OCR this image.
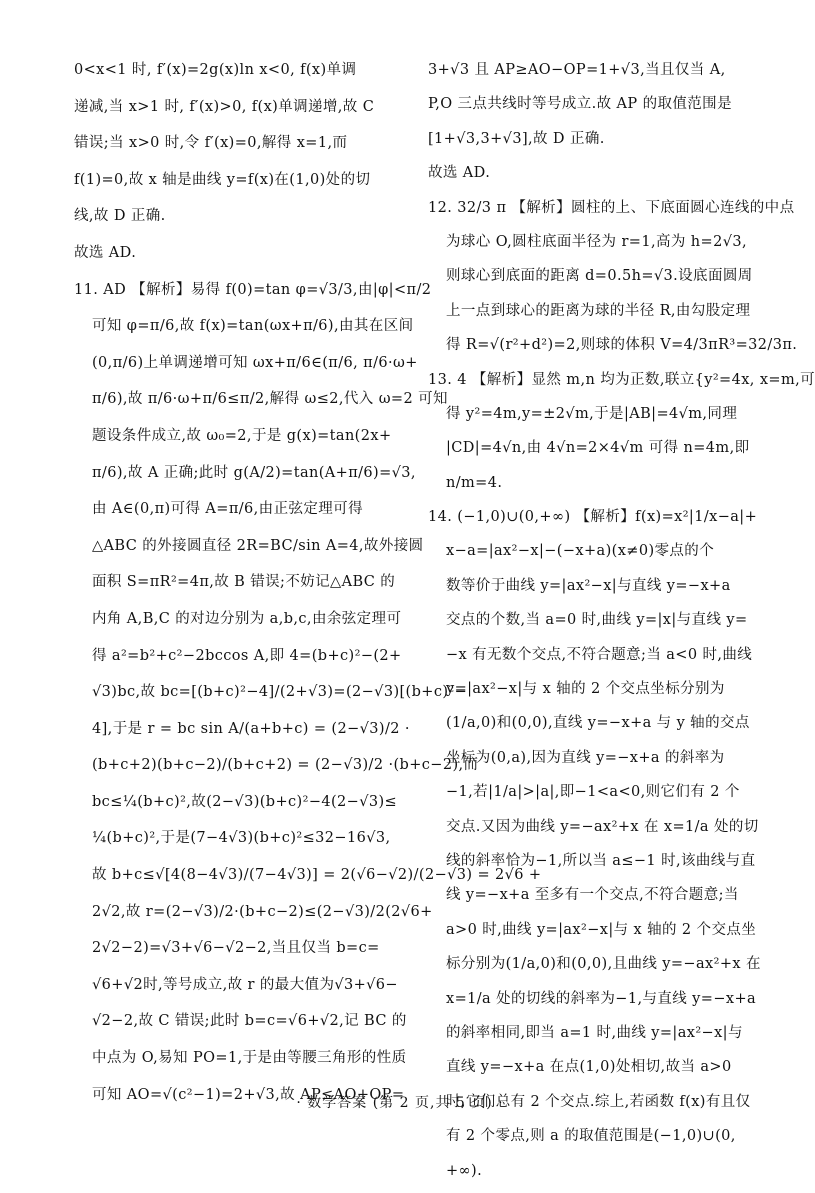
0<x<1 时, f′(x)=2g(x)ln x<0, f(x)单调
递减,当 x>1 时, f′(x)>0, f(x)单调递增,故 C
错误;当 x>0 时,令 f′(x)=0,解得 x=1,而
f(1)=0,故 x 轴是曲线 y=f(x)在(1,0)处的切
线,故 D 正确.
故选 AD.
11. AD 【解析】易得 f(0)=tan φ=√3/3,由|φ|<π/2
可知 φ=π/6,故 f(x)=tan(ωx+π/6),由其在区间
(0,π/6)上单调递增可知 ωx+π/6∈(π/6, π/6·ω+
π/6),故 π/6·ω+π/6≤π/2,解得 ω≤2,代入 ω=2 可知
题设条件成立,故 ω₀=2,于是 g(x)=tan(2x+
π/6),故 A 正确;此时 g(A/2)=tan(A+π/6)=√3,
由 A∈(0,π)可得 A=π/6,由正弦定理可得
△ABC 的外接圆直径 2R=BC/sin A=4,故外接圆
面积 S=πR²=4π,故 B 错误;不妨记△ABC 的
内角 A,B,C 的对边分别为 a,b,c,由余弦定理可
得 a²=b²+c²−2bccos A,即 4=(b+c)²−(2+
√3)bc,故 bc=[(b+c)²−4]/(2+√3)=(2−√3)[(b+c)²−
4],于是 r = bc sin A/(a+b+c) = (2−√3)/2 ·
(b+c+2)(b+c−2)/(b+c+2) = (2−√3)/2 ·(b+c−2),而
bc≤¼(b+c)²,故(2−√3)(b+c)²−4(2−√3)≤
¼(b+c)²,于是(7−4√3)(b+c)²≤32−16√3,
故 b+c≤√[4(8−4√3)/(7−4√3)] = 2(√6−√2)/(2−√3) = 2√6 +
2√2,故 r=(2−√3)/2·(b+c−2)≤(2−√3)/2(2√6+
2√2−2)=√3+√6−√2−2,当且仅当 b=c=
√6+√2时,等号成立,故 r 的最大值为√3+√6−
√2−2,故 C 错误;此时 b=c=√6+√2,记 BC 的
中点为 O,易知 PO=1,于是由等腰三角形的性质
可知 AO=√(c²−1)=2+√3,故 AP≤AO+OP=
3+√3 且 AP≥AO−OP=1+√3,当且仅当 A,
P,O 三点共线时等号成立.故 AP 的取值范围是
[1+√3,3+√3],故 D 正确.
故选 AD.
12. 32/3 π 【解析】圆柱的上、下底面圆心连线的中点
为球心 O,圆柱底面半径为 r=1,高为 h=2√3,
则球心到底面的距离 d=0.5h=√3.设底面圆周
上一点到球心的距离为球的半径 R,由勾股定理
得 R=√(r²+d²)=2,则球的体积 V=4/3πR³=32/3π.
13. 4 【解析】显然 m,n 均为正数,联立{y²=4x, x=m,可
得 y²=4m,y=±2√m,于是|AB|=4√m,同理
|CD|=4√n,由 4√n=2×4√m 可得 n=4m,即
n/m=4.
14. (−1,0)∪(0,+∞) 【解析】f(x)=x²|1/x−a|+
x−a=|ax²−x|−(−x+a)(x≠0)零点的个
数等价于曲线 y=|ax²−x|与直线 y=−x+a
交点的个数,当 a=0 时,曲线 y=|x|与直线 y=
−x 有无数个交点,不符合题意;当 a<0 时,曲线
y=|ax²−x|与 x 轴的 2 个交点坐标分别为
(1/a,0)和(0,0),直线 y=−x+a 与 y 轴的交点
坐标为(0,a),因为直线 y=−x+a 的斜率为
−1,若|1/a|>|a|,即−1<a<0,则它们有 2 个
交点.又因为曲线 y=−ax²+x 在 x=1/a 处的切
线的斜率恰为−1,所以当 a≤−1 时,该曲线与直
线 y=−x+a 至多有一个交点,不符合题意;当
a>0 时,曲线 y=|ax²−x|与 x 轴的 2 个交点坐
标分别为(1/a,0)和(0,0),且曲线 y=−ax²+x 在
x=1/a 处的切线的斜率为−1,与直线 y=−x+a
的斜率相同,即当 a=1 时,曲线 y=|ax²−x|与
直线 y=−x+a 在点(1,0)处相切,故当 a>0
时,它们总有 2 个交点.综上,若函数 f(x)有且仅
有 2 个零点,则 a 的取值范围是(−1,0)∪(0,
+∞).
· 数学答案 (第 2 页,共 5 页) ·
